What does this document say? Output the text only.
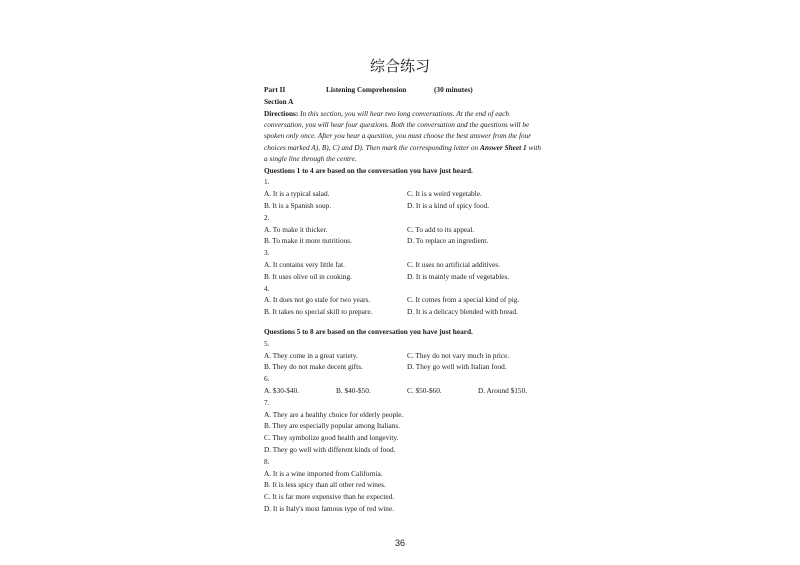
综合练习
Part II	Listening Comprehension	(30 minutes)
Section A
Directions: In this section, you will hear two long conversations. At the end of each conversation, you will hear four questions. Both the conversation and the questions will be spoken only once. After you hear a question, you must choose the best answer from the four choices marked A), B), C) and D). Then mark the corresponding letter on Answer Sheet 1 with a single line through the centre.
Questions 1 to 4 are based on the conversation you have just heard.
1.
A. It is a typical salad.	C. It is a weird vegetable.
B. It is a Spanish soup.	D. It is a kind of spicy food.
2.
A. To make it thicker.	C. To add to its appeal.
B. To make it more nutritious.	D. To replace an ingredient.
3.
A. It contains very little fat.	C. It uses no artificial additives.
B. It uses olive oil in cooking.	D. It is mainly made of vegetables.
4.
A. It does not go stale for two years.	C. It comes from a special kind of pig.
B. It takes no special skill to prepare.	D. It is a delicacy blended with bread.
Questions 5 to 8 are based on the conversation you have just heard.
5.
A. They come in a great variety.	C. They do not vary much in price.
B. They do not make decent gifts.	D. They go well with Italian food.
6.
A. $30-$40.	B. $40-$50.	C. $50-$60.	D. Around $150.
7.
A. They are a healthy choice for elderly people.
B. They are especially popular among Italians.
C. They symbolize good health and longevity.
D. They go well with different kinds of food.
8.
A. It is a wine imported from California.
B. It is less spicy than all other red wines.
C. It is far more expensive than he expected.
D. It is Italy's most famous type of red wine.
36
